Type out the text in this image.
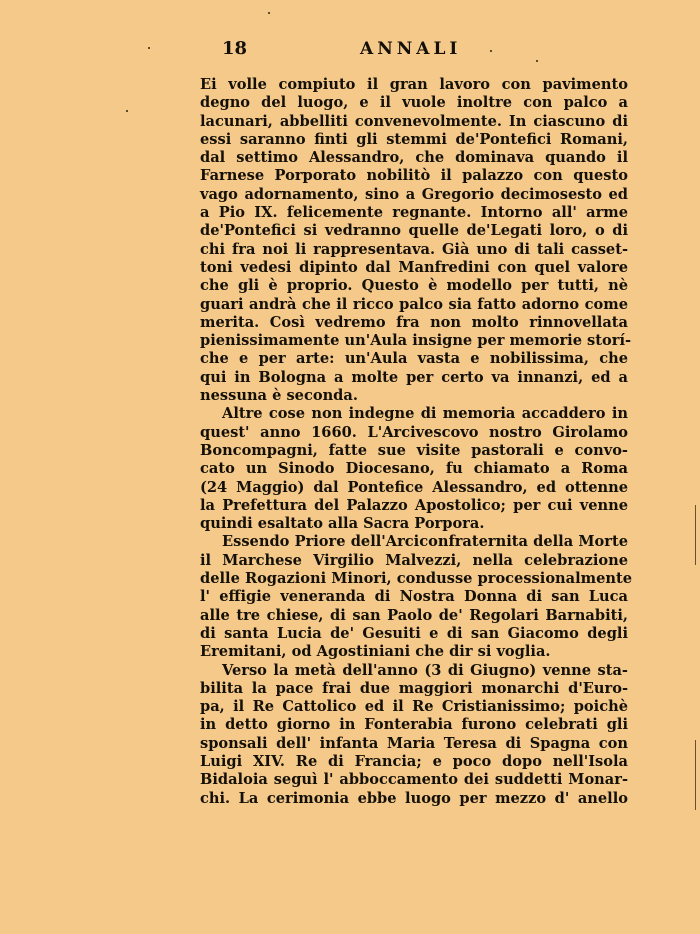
18	ANNALI
Ei volle compiuto il gran lavoro con pavimento
degno del luogo, e il vuole inoltre con palco a
lacunari, abbelliti convenevolmente. In ciascuno di
essi saranno finti gli stemmi de'Pontefici Romani,
dal settimo Alessandro, che dominava quando il
Farnese Porporato nobilitò il palazzo con questo
vago adornamento, sino a Gregorio decimosesto ed
a Pio IX. felicemente regnante. Intorno all' arme
de'Pontefici si vedranno quelle de'Legati loro, o di
chi fra noi li rappresentava. Già uno di tali casset-
toni vedesi dipinto dal Manfredini con quel valore
che gli è proprio. Questo è modello per tutti, nè
guari andrà che il ricco palco sia fatto adorno come
merita. Così vedremo fra non molto rinnovellata
pienissimamente un'Aula insigne per memorie storí-
che e per arte: un'Aula vasta e nobilissima, che
qui in Bologna a molte per certo va innanzi, ed a
nessuna è seconda.
Altre cose non indegne di memoria accaddero in
quest' anno 1660. L'Arcivescovo nostro Girolamo
Boncompagni, fatte sue visite pastorali e convo-
cato un Sinodo Diocesano, fu chiamato a Roma
(24 Maggio) dal Pontefice Alessandro, ed ottenne
la Prefettura del Palazzo Apostolico; per cui venne
quindi esaltato alla Sacra Porpora.
Essendo Priore dell'Arciconfraternita della Morte
il Marchese Virgilio Malvezzi, nella celebrazione
delle Rogazioni Minori, condusse processionalmente
l' effigie veneranda di Nostra Donna di san Luca
alle tre chiese, di san Paolo de' Regolari Barnabiti,
di santa Lucia de' Gesuiti e di san Giacomo degli
Eremitani, od Agostiniani che dir si voglia.
Verso la metà dell'anno (3 di Giugno) venne sta-
bilita la pace frai due maggiori monarchi d'Euro-
pa, il Re Cattolico ed il Re Cristianissimo; poichè
in detto giorno in Fonterabia furono celebrati gli
sponsali dell' infanta Maria Teresa di Spagna con
Luigi XIV. Re di Francia; e poco dopo nell'Isola
Bidaloia seguì l' abboccamento dei suddetti Monar-
chi. La cerimonia ebbe luogo per mezzo d' anello
